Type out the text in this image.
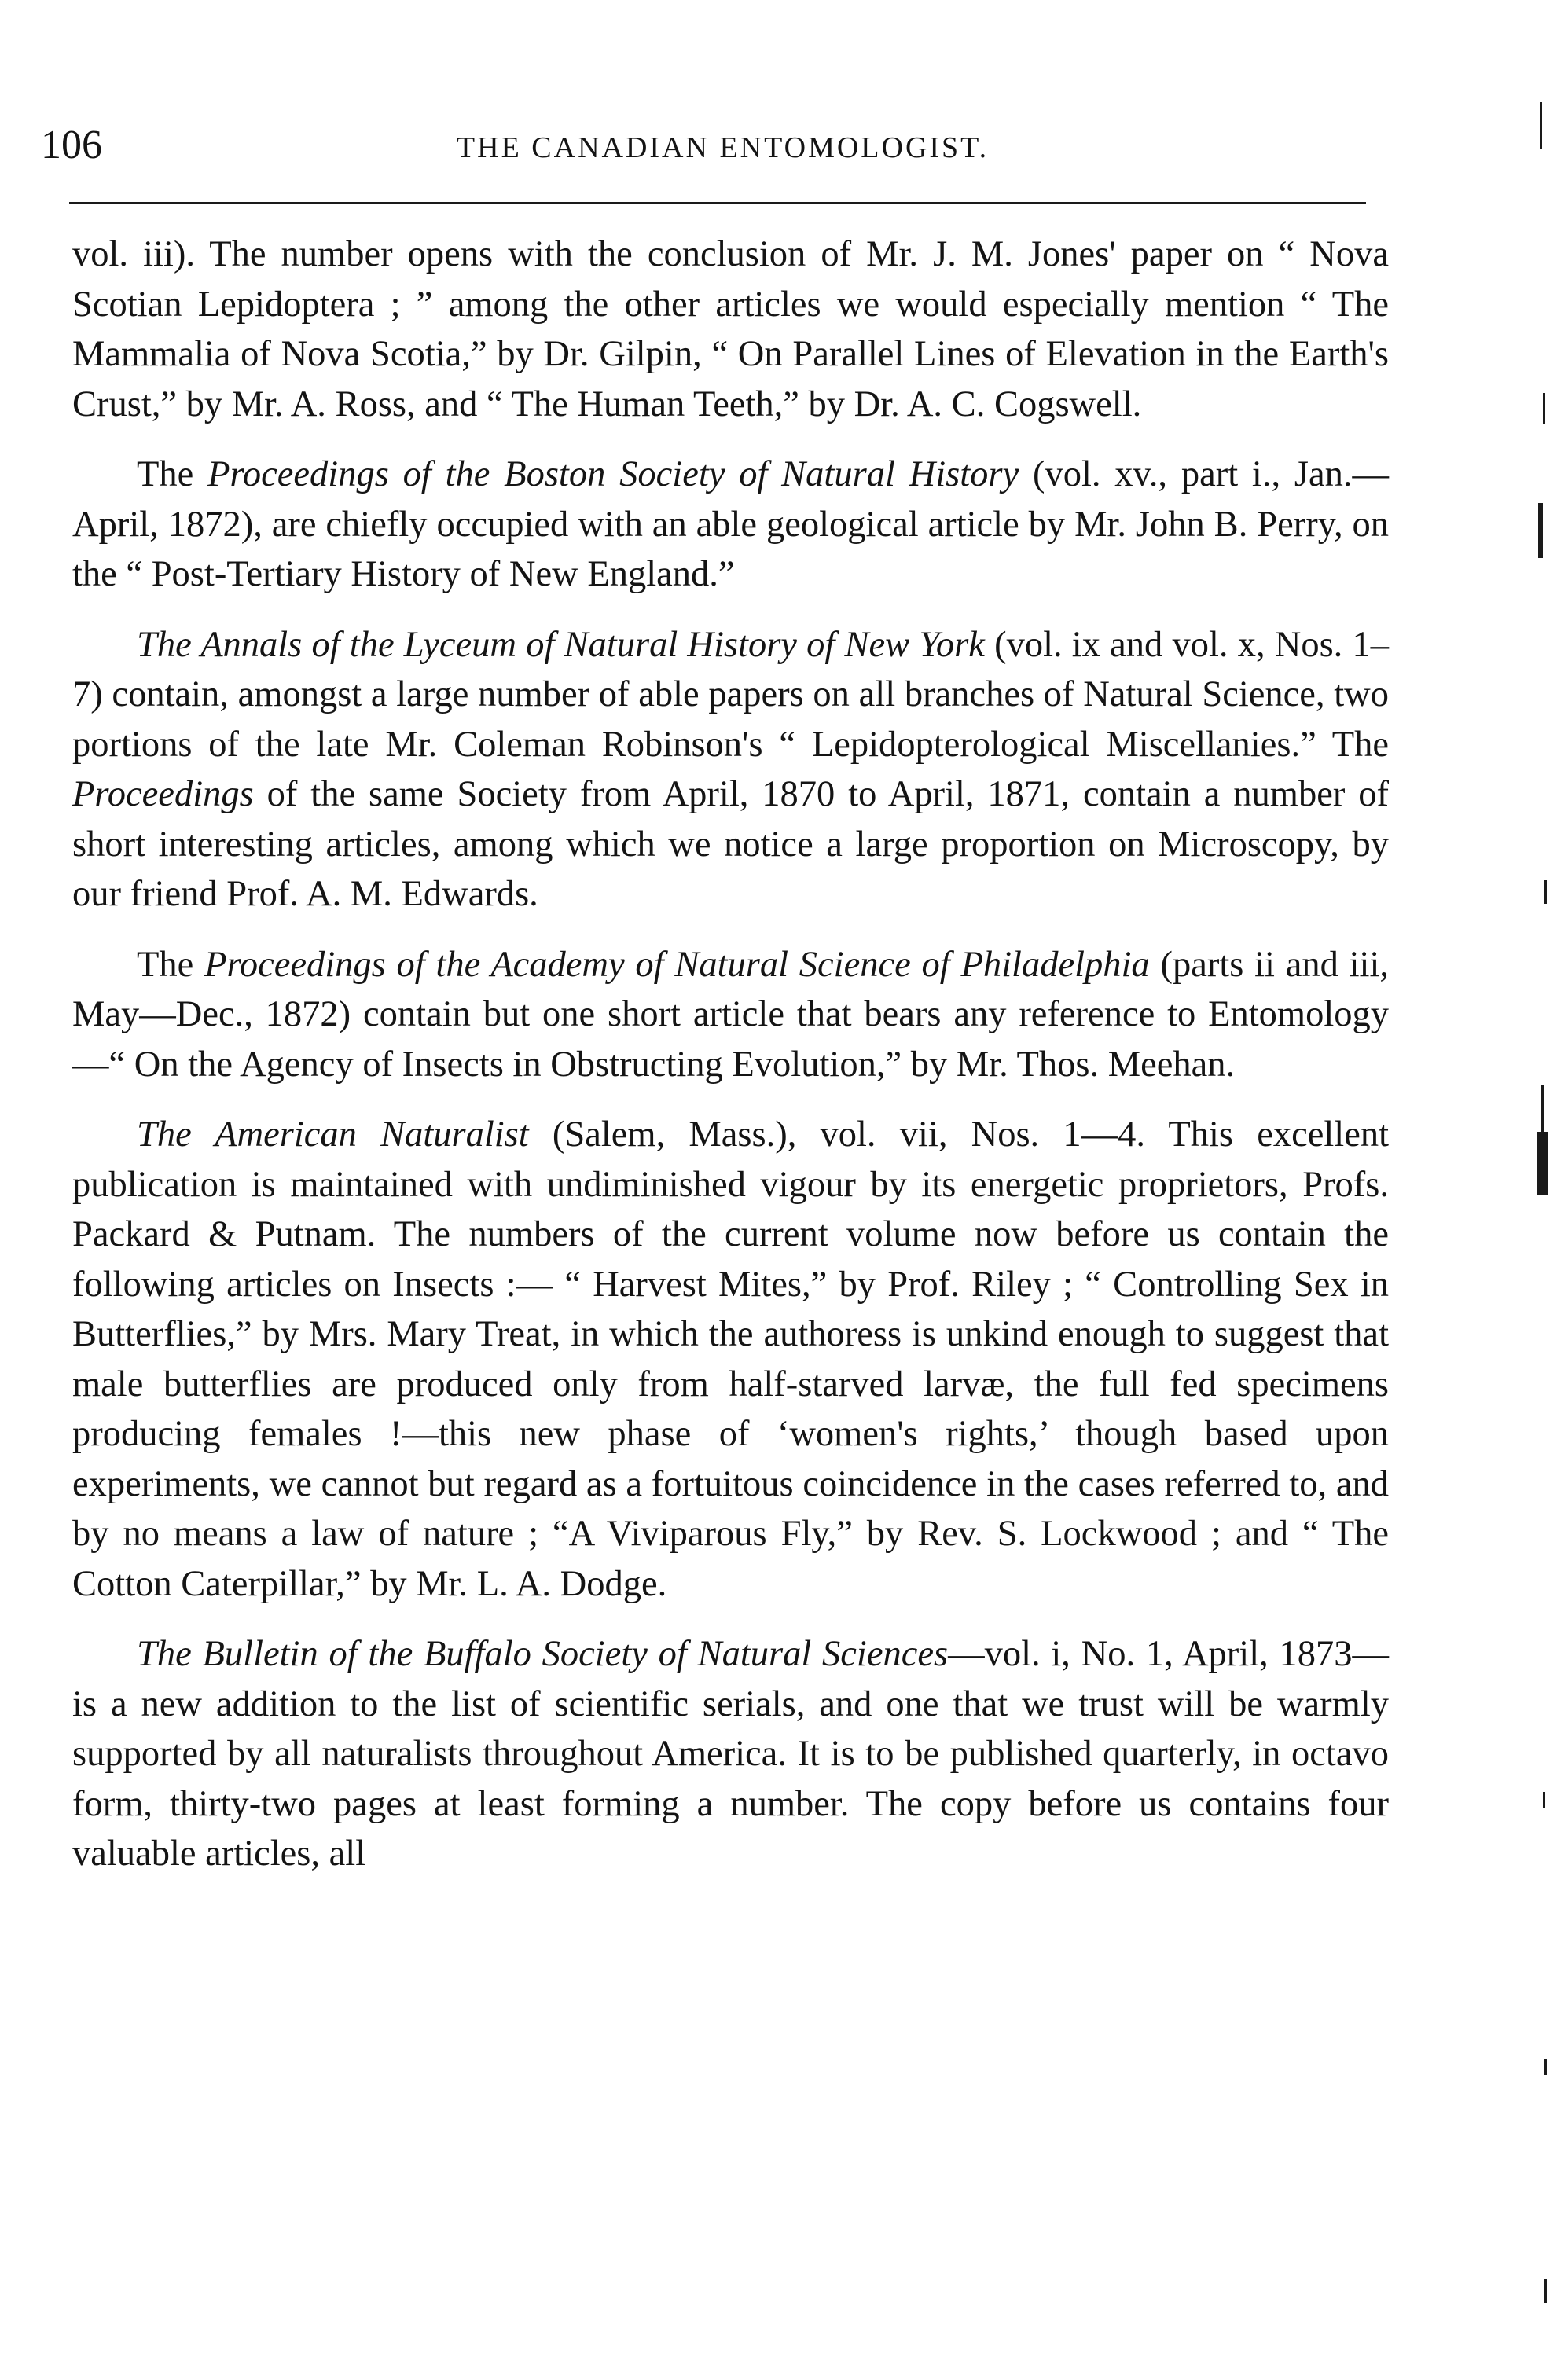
106	THE CANADIAN ENTOMOLOGIST.

vol. iii). The number opens with the conclusion of Mr. J. M. Jones' paper on “ Nova Scotian Lepidoptera ; ” among the other articles we would especially mention “ The Mammalia of Nova Scotia,” by Dr. Gilpin, “ On Parallel Lines of Elevation in the Earth's Crust,” by Mr. A. Ross, and “ The Human Teeth,” by Dr. A. C. Cogswell.

The Proceedings of the Boston Society of Natural History (vol. xv., part i., Jan.—April, 1872), are chiefly occupied with an able geological article by Mr. John B. Perry, on the “ Post-Tertiary History of New England.”

The Annals of the Lyceum of Natural History of New York (vol. ix and vol. x, Nos. 1–7) contain, amongst a large number of able papers on all branches of Natural Science, two portions of the late Mr. Coleman Robinson's “ Lepidopterological Miscellanies.” The Proceedings of the same Society from April, 1870 to April, 1871, contain a number of short interesting articles, among which we notice a large proportion on Microscopy, by our friend Prof. A. M. Edwards.

The Proceedings of the Academy of Natural Science of Philadelphia (parts ii and iii, May—Dec., 1872) contain but one short article that bears any reference to Entomology—“ On the Agency of Insects in Obstructing Evolution,” by Mr. Thos. Meehan.

The American Naturalist (Salem, Mass.), vol. vii, Nos. 1—4. This excellent publication is maintained with undiminished vigour by its energetic proprietors, Profs. Packard & Putnam. The numbers of the current volume now before us contain the following articles on Insects :— “ Harvest Mites,” by Prof. Riley ; “ Controlling Sex in Butterflies,” by Mrs. Mary Treat, in which the authoress is unkind enough to suggest that male butterflies are produced only from half-starved larvæ, the full fed specimens producing females !—this new phase of ‘women's rights,’ though based upon experiments, we cannot but regard as a fortuitous coincidence in the cases referred to, and by no means a law of nature ; “A Viviparous Fly,” by Rev. S. Lockwood ; and “ The Cotton Caterpillar,” by Mr. L. A. Dodge.

The Bulletin of the Buffalo Society of Natural Sciences—vol. i, No. 1, April, 1873—is a new addition to the list of scientific serials, and one that we trust will be warmly supported by all naturalists throughout America. It is to be published quarterly, in octavo form, thirty-two pages at least forming a number. The copy before us contains four valuable articles, all
